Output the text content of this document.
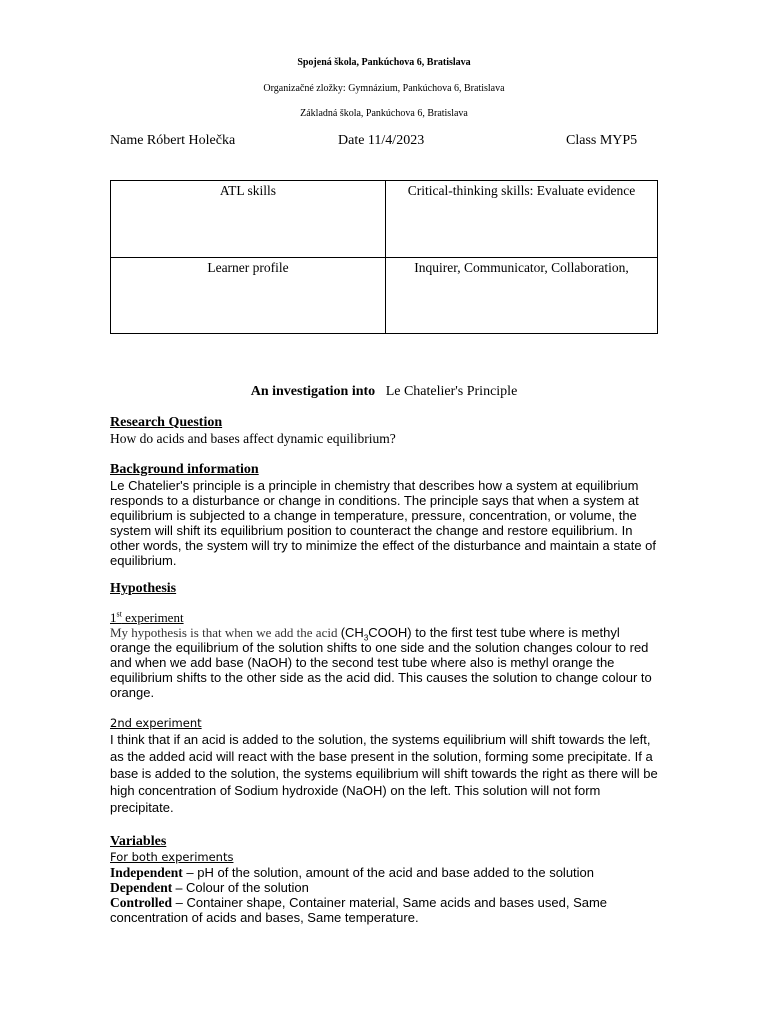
Spojená škola, Pankúchova 6, Bratislava
Organizačné zložky: Gymnázium, Pankúchova 6, Bratislava
Základná škola, Pankúchova 6, Bratislava
Name Róbert Holečka	Date 11/4/2023	Class MYP5
ATL skills	Critical-thinking skills: Evaluate evidence
Learner profile	Inquirer, Communicator, Collaboration,
An investigation into Le Chatelier's Principle
Research Question
How do acids and bases affect dynamic equilibrium?
Background information
Le Chatelier's principle is a principle in chemistry that describes how a system at equilibrium responds to a disturbance or change in conditions. The principle says that when a system at equilibrium is subjected to a change in temperature, pressure, concentration, or volume, the system will shift its equilibrium position to counteract the change and restore equilibrium. In other words, the system will try to minimize the effect of the disturbance and maintain a state of equilibrium.
Hypothesis
1st experiment
My hypothesis is that when we add the acid $(CH_3COOH)$ to the first test tube where is methyl orange the equilibrium of the solution shifts to one side and the solution changes colour to red and when we add base (NaOH) to the second test tube where also is methyl orange the equilibrium shifts to the other side as the acid did. This causes the solution to change colour to orange.
2nd experiment
I think that if an acid is added to the solution, the systems equilibrium will shift towards the left, as the added acid will react with the base present in the solution, forming some precipitate. If a base is added to the solution, the systems equilibrium will shift towards the right as there will be high concentration of Sodium hydroxide (NaOH) on the left. This solution will not form precipitate.
Variables
For both experiments
Independent – pH of the solution, amount of the acid and base added to the solution
Dependent – Colour of the solution
Controlled – Container shape, Container material, Same acids and bases used, Same concentration of acids and bases, Same temperature.
